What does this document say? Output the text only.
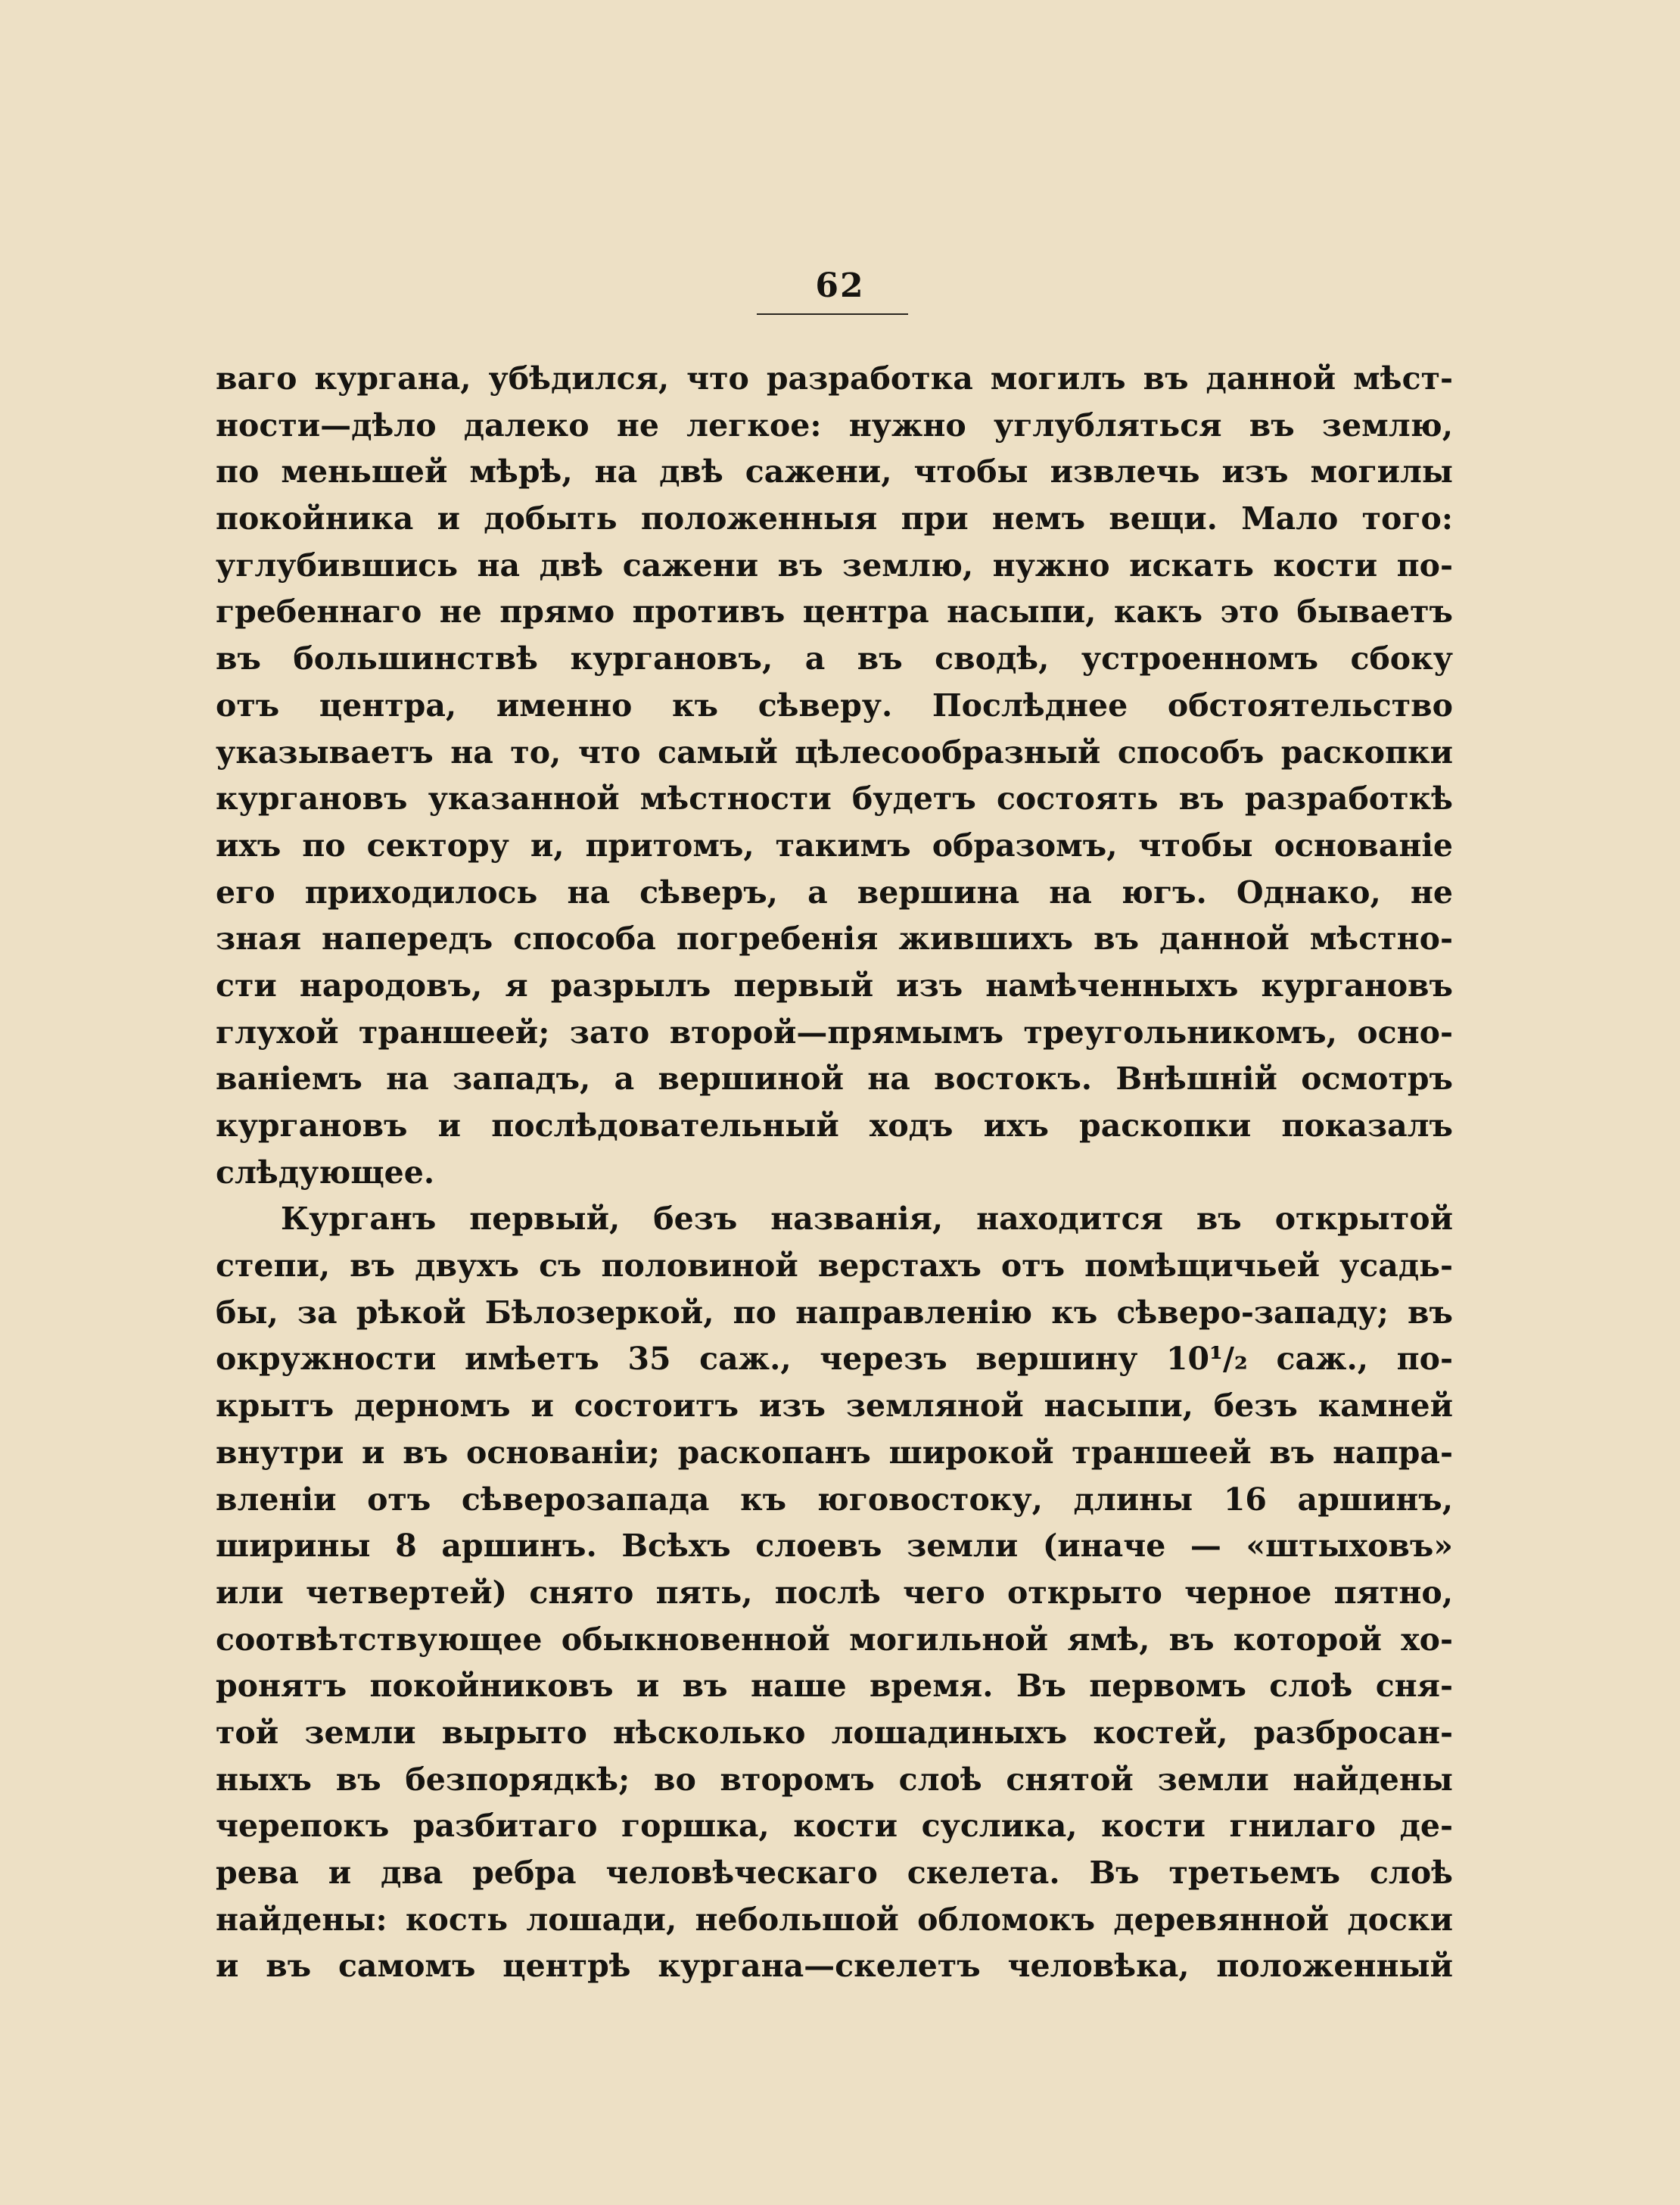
62
ваго кургана, убѣдился, что разработка могилъ въ данной мѣст-
ности—дѣло далеко не легкое: нужно углубляться въ землю,
по меньшей мѣрѣ, на двѣ сажени, чтобы извлечь изъ могилы
покойника и добыть положенныя при немъ вещи. Мало того:
углубившись на двѣ сажени въ землю, нужно искать кости по-
гребеннаго не прямо противъ центра насыпи, какъ это бываетъ
въ большинствѣ кургановъ, а въ сводѣ, устроенномъ сбоку
отъ центра, именно къ сѣверу. Послѣднее обстоятельство
указываетъ на то, что самый цѣлесообразный способъ раскопки
кургановъ указанной мѣстности будетъ состоять въ разработкѣ
ихъ по сектору и, притомъ, такимъ образомъ, чтобы основаніе
его приходилось на сѣверъ, а вершина на югъ. Однако, не
зная напередъ способа погребенія жившихъ въ данной мѣстно-
сти народовъ, я разрылъ первый изъ намѣченныхъ кургановъ
глухой траншеей; зато второй—прямымъ треугольникомъ, осно-
ваніемъ на западъ, а вершиной на востокъ. Внѣшній осмотръ
кургановъ и послѣдовательный ходъ ихъ раскопки показалъ
слѣдующее.
Курганъ первый, безъ названія, находится въ открытой
степи, въ двухъ съ половиной верстахъ отъ помѣщичьей усадь-
бы, за рѣкой Бѣлозеркой, по направленію къ сѣверо-западу; въ
окружности имѣетъ 35 саж., черезъ вершину 10¹/₂ саж., по-
крытъ дерномъ и состоитъ изъ земляной насыпи, безъ камней
внутри и въ основаніи; раскопанъ широкой траншеей въ напра-
вленіи отъ сѣверозапада къ юговостоку, длины 16 аршинъ,
ширины 8 аршинъ. Всѣхъ слоевъ земли (иначе — «штыховъ»
или четвертей) снято пять, послѣ чего открыто черное пятно,
соотвѣтствующее обыкновенной могильной ямѣ, въ которой хо-
ронятъ покойниковъ и въ наше время. Въ первомъ слоѣ сня-
той земли вырыто нѣсколько лошадиныхъ костей, разбросан-
ныхъ въ безпорядкѣ; во второмъ слоѣ снятой земли найдены
черепокъ разбитаго горшка, кости суслика, кости гнилаго де-
рева и два ребра человѣческаго скелета. Въ третьемъ слоѣ
найдены: кость лошади, небольшой обломокъ деревянной доски
и въ самомъ центрѣ кургана—скелетъ человѣка, положенный
